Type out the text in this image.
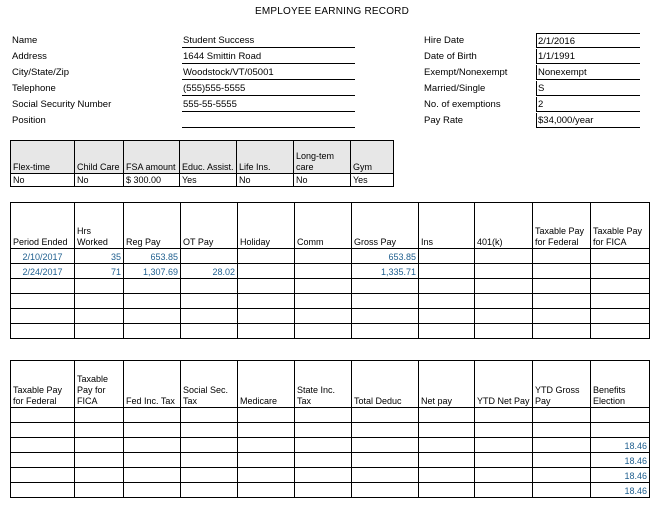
EMPLOYEE EARNING RECORD
Name	Student Success
Address	1644 Smittin Road
City/State/Zip	Woodstock/VT/05001
Telephone	(555)555-5555
Social Security Number	555-55-5555
Position
Hire Date	2/1/2016
Date of Birth	1/1/1991
Exempt/Nonexempt	Nonexempt
Married/Single	S
No. of exemptions	2
Pay Rate	$34,000/year
Flex-time	Child Care	FSA amount	Educ. Assist.	Life Ins.	Long-tem care	Gym
No	No	$ 300.00	Yes	No	No	Yes
Period Ended	Hrs Worked	Reg Pay	OT Pay	Holiday	Comm	Gross Pay	Ins	401(k)	Taxable Pay for Federal	Taxable Pay for FICA
2/10/2017	35	653.85				653.85				
2/24/2017	71	1,307.69	28.02			1,335.71				

Taxable Pay for Federal	Taxable Pay for FICA	Fed Inc. Tax	Social Sec. Tax	Medicare	State Inc. Tax	Total Deduc	Net pay	YTD Net Pay	YTD Gross Pay	Benefits Election

										18.46
										18.46
										18.46
										18.46
